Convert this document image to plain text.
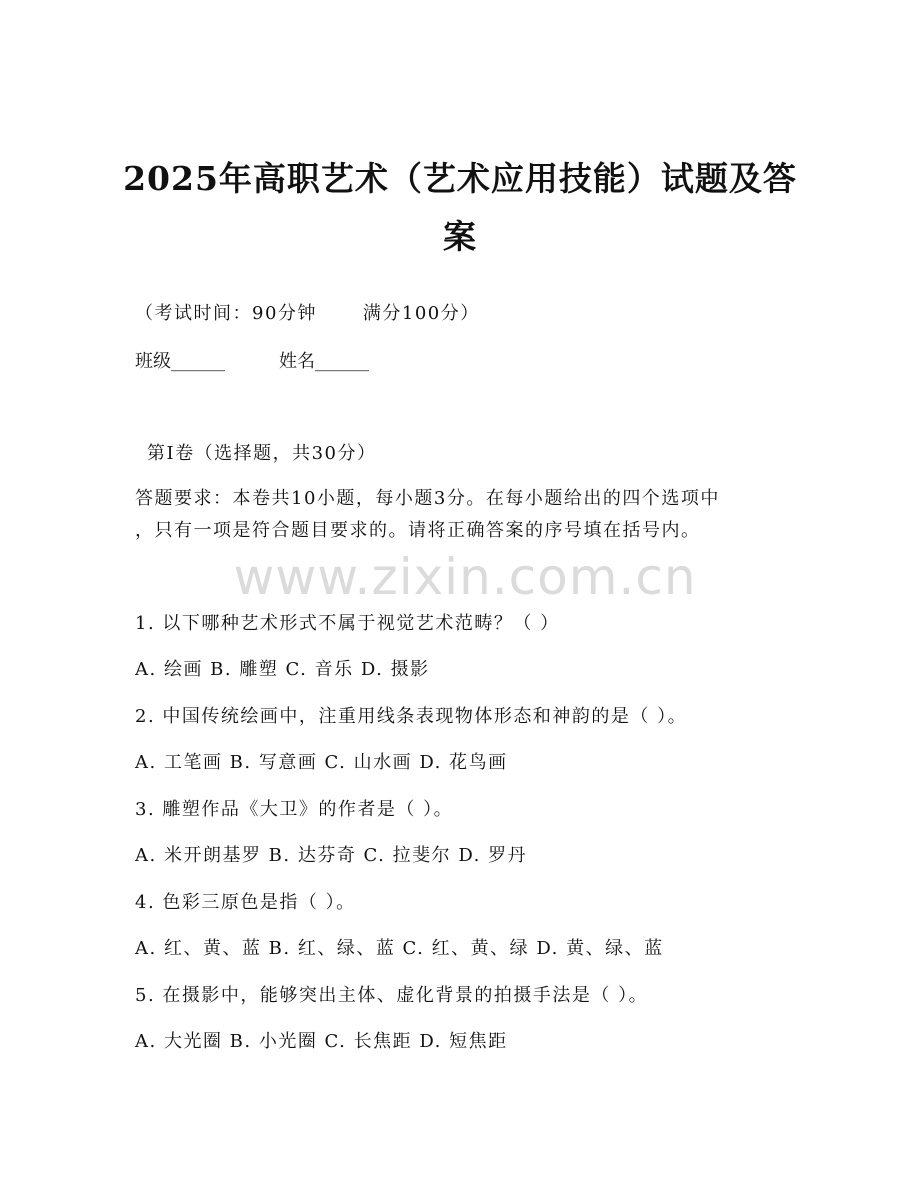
2025年高职艺术（艺术应用技能）试题及答
案
（考试时间：90分钟	满分100分）
班级______	姓名______
第I卷（选择题，共30分）
答题要求：本卷共10小题，每小题3分。在每小题给出的四个选项中
，只有一项是符合题目要求的。请将正确答案的序号填在括号内。
www.zixin.com.cn
1. 以下哪种艺术形式不属于视觉艺术范畴？（ ）
A. 绘画 B. 雕塑 C. 音乐 D. 摄影
2. 中国传统绘画中，注重用线条表现物体形态和神韵的是（ ）。
A. 工笔画 B. 写意画 C. 山水画 D. 花鸟画
3. 雕塑作品《大卫》的作者是（ ）。
A. 米开朗基罗 B. 达芬奇 C. 拉斐尔 D. 罗丹
4. 色彩三原色是指（ ）。
A. 红、黄、蓝 B. 红、绿、蓝 C. 红、黄、绿 D. 黄、绿、蓝
5. 在摄影中，能够突出主体、虚化背景的拍摄手法是（ ）。
A. 大光圈 B. 小光圈 C. 长焦距 D. 短焦距
